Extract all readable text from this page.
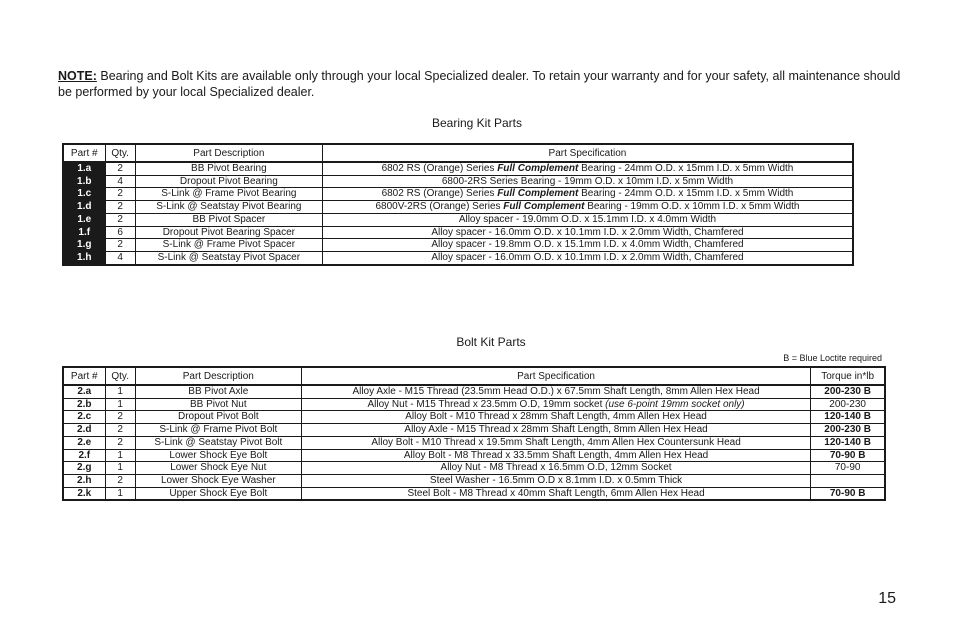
NOTE: Bearing and Bolt Kits are available only through your local Specialized dealer. To retain your warranty and for your safety, all maintenance should be performed by your local Specialized dealer.

Bearing Kit Parts
Part #	Qty.	Part Description	Part Specification
1.a	2	BB Pivot Bearing	6802 RS (Orange) Series Full Complement Bearing - 24mm O.D. x 15mm I.D. x 5mm Width
1.b	4	Dropout Pivot Bearing	6800-2RS Series Bearing - 19mm O.D. x 10mm I.D. x 5mm Width
1.c	2	S-Link @ Frame Pivot Bearing	6802 RS (Orange) Series Full Complement Bearing - 24mm O.D. x 15mm I.D. x 5mm Width
1.d	2	S-Link @ Seatstay Pivot Bearing	6800V-2RS (Orange) Series Full Complement Bearing - 19mm O.D. x 10mm I.D. x 5mm Width
1.e	2	BB Pivot Spacer	Alloy spacer - 19.0mm O.D. x 15.1mm I.D. x 4.0mm Width
1.f	6	Dropout Pivot Bearing Spacer	Alloy spacer - 16.0mm O.D. x 10.1mm I.D. x 2.0mm Width, Chamfered
1.g	2	S-Link @ Frame Pivot Spacer	Alloy spacer - 19.8mm O.D. x 15.1mm I.D. x 4.0mm Width, Chamfered
1.h	4	S-Link @ Seatstay Pivot Spacer	Alloy spacer - 16.0mm O.D. x 10.1mm I.D. x 2.0mm Width, Chamfered
Bolt Kit Parts
B = Blue Loctite required
Part #	Qty.	Part Description	Part Specification	Torque in*lb
2.a	1	BB Pivot Axle	Alloy Axle - M15 Thread (23.5mm Head O.D.) x 67.5mm Shaft Length, 8mm Allen Hex Head	200-230 B
2.b	1	BB Pivot Nut	Alloy Nut - M15 Thread x 23.5mm O.D, 19mm socket (use 6-point 19mm socket only)	200-230
2.c	2	Dropout Pivot Bolt	Alloy Bolt - M10 Thread x 28mm Shaft Length, 4mm Allen Hex Head	120-140 B
2.d	2	S-Link @ Frame Pivot Bolt	Alloy Axle - M15 Thread x 28mm Shaft Length, 8mm Allen Hex Head	200-230 B
2.e	2	S-Link @ Seatstay Pivot Bolt	Alloy Bolt - M10 Thread x 19.5mm Shaft Length, 4mm Allen Hex Countersunk Head	120-140 B
2.f	1	Lower Shock Eye Bolt	Alloy Bolt - M8 Thread x 33.5mm Shaft Length, 4mm Allen Hex Head	70-90 B
2.g	1	Lower Shock Eye Nut	Alloy Nut - M8 Thread x 16.5mm O.D, 12mm Socket	70-90
2.h	2	Lower Shock Eye Washer	Steel Washer - 16.5mm O.D x 8.1mm I.D. x 0.5mm Thick	
2.k	1	Upper Shock Eye Bolt	Steel Bolt - M8 Thread x 40mm Shaft Length, 6mm Allen Hex Head	70-90 B
15
